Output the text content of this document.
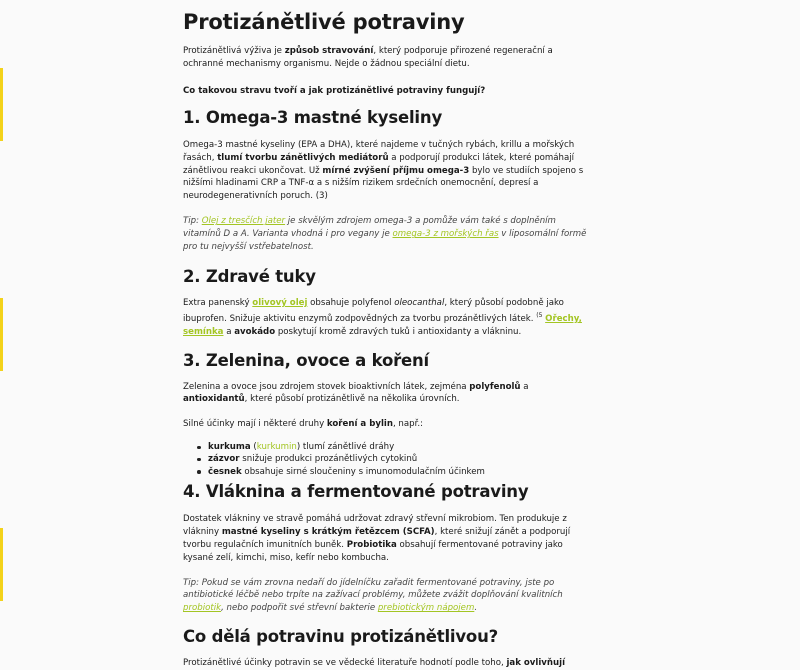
Protizánětlivé potraviny

Protizánětlivá výživa je způsob stravování, který podporuje přirozené regenerační a ochranné mechanismy organismu. Nejde o žádnou speciální dietu.

Co takovou stravu tvoří a jak protizánětlivé potraviny fungují?

1. Omega-3 mastné kyseliny

Omega-3 mastné kyseliny (EPA a DHA), které najdeme v tučných rybách, krillu a mořských řasách, tlumí tvorbu zánětlivých mediátorů a podporují produkci látek, které pomáhají zánětlivou reakci ukončovat. Už mírné zvýšení příjmu omega-3 bylo ve studiích spojeno s nižšími hladinami CRP a TNF-α a s nižším rizikem srdečních onemocnění, depresí a neurodegenerativních poruch. (3)

Tip: Olej z tresčích jater je skvělým zdrojem omega-3 a pomůže vám také s doplněním vitamínů D a A. Varianta vhodná i pro vegany je omega-3 z mořských řas v liposomální formě pro tu nejvyšší vstřebatelnost.

2. Zdravé tuky

Extra panenský olivový olej obsahuje polyfenol oleocanthal, který působí podobně jako ibuprofen. Snižuje aktivitu enzymů zodpovědných za tvorbu prozánětlivých látek. $^{(5}$ Ořechy, semínka a avokádo poskytují kromě zdravých tuků i antioxidanty a vlákninu.

3. Zelenina, ovoce a koření

Zelenina a ovoce jsou zdrojem stovek bioaktivních látek, zejména polyfenolů a antioxidantů, které působí protizánětlivě na několika úrovních.

Silné účinky mají i některé druhy koření a bylin, např.:

kurkuma (kurkumin) tlumí zánětlivé dráhy
zázvor snižuje produkci prozánětlivých cytokinů
česnek obsahuje sirné sloučeniny s imunomodulačním účinkem
4. Vláknina a fermentované potraviny

Dostatek vlákniny ve stravě pomáhá udržovat zdravý střevní mikrobiom. Ten produkuje z vlákniny mastné kyseliny s krátkým řetězcem (SCFA), které snižují zánět a podporují tvorbu regulačních imunitních buněk. Probiotika obsahují fermentované potraviny jako kysané zelí, kimchi, miso, kefír nebo kombucha.

Tip: Pokud se vám zrovna nedaří do jídelníčku zařadit fermentované potraviny, jste po antibiotické léčbě nebo trpíte na zažívací problémy, můžete zvážit doplňování kvalitních probiotik, nebo podpořit své střevní bakterie prebiotickým nápojem.

Co dělá potravinu protizánětlivou?

Protizánětlivé účinky potravin se ve vědecké literatuře hodnotí podle toho, jak ovlivňují
